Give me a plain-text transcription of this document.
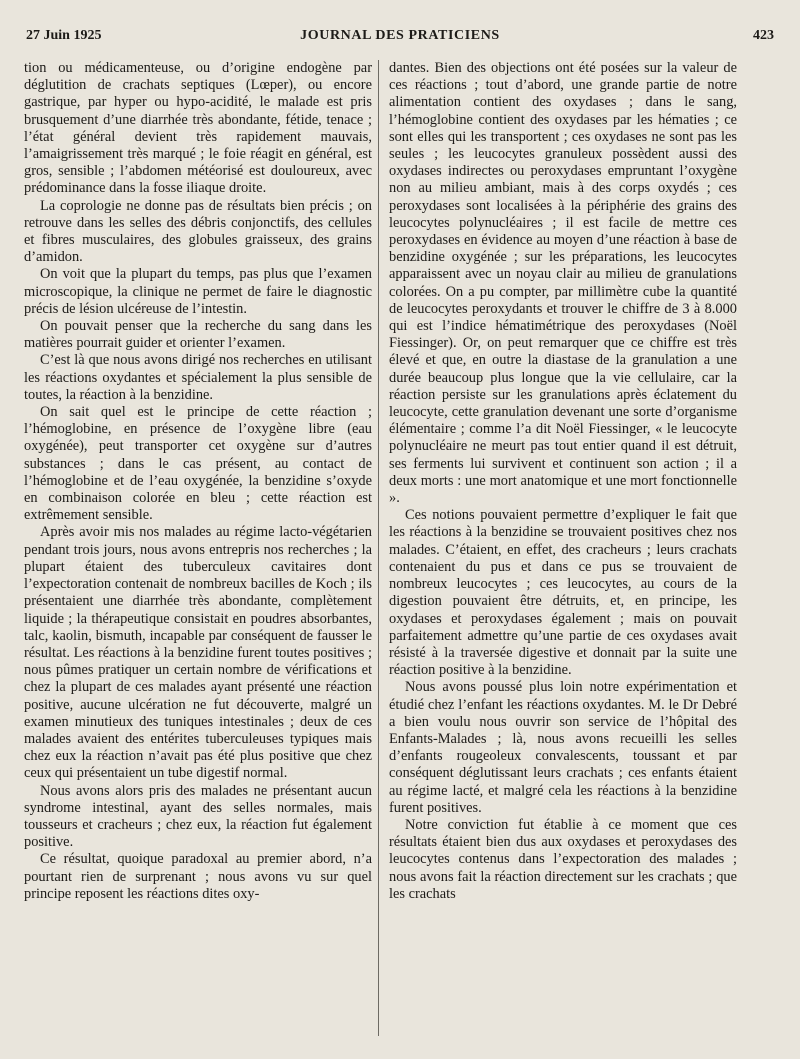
27 Juin 1925	JOURNAL DES PRATICIENS	423

tion ou médicamenteuse, ou d’origine endogène par déglutition de crachats septiques (Lœper), ou encore gastrique, par hyper ou hypo-acidité, le malade est pris brusquement d’une diarrhée très abondante, fétide, tenace ; l’état général devient très rapidement mauvais, l’amaigrissement très marqué ; le foie réagit en général, est gros, sensible ; l’abdomen météorisé est douloureux, avec prédominance dans la fosse iliaque droite.

La coprologie ne donne pas de résultats bien précis ; on retrouve dans les selles des débris conjonctifs, des cellules et fibres musculaires, des globules graisseux, des grains d’amidon.

On voit que la plupart du temps, pas plus que l’examen microscopique, la clinique ne permet de faire le diagnostic précis de lésion ulcéreuse de l’intestin.

On pouvait penser que la recherche du sang dans les matières pourrait guider et orienter l’examen.

C’est là que nous avons dirigé nos recherches en utilisant les réactions oxydantes et spécialement la plus sensible de toutes, la réaction à la benzidine.

On sait quel est le principe de cette réaction ; l’hémoglobine, en présence de l’oxygène libre (eau oxygénée), peut transporter cet oxygène sur d’autres substances ; dans le cas présent, au contact de l’hémoglobine et de l’eau oxygénée, la benzidine s’oxyde en combinaison colorée en bleu ; cette réaction est extrêmement sensible.

Après avoir mis nos malades au régime lacto-végétarien pendant trois jours, nous avons entrepris nos recherches ; la plupart étaient des tuberculeux cavitaires dont l’expectoration contenait de nombreux bacilles de Koch ; ils présentaient une diarrhée très abondante, complètement liquide ; la thérapeutique consistait en poudres absorbantes, talc, kaolin, bismuth, incapable par conséquent de fausser le résultat. Les réactions à la benzidine furent toutes positives ; nous pûmes pratiquer un certain nombre de vérifications et chez la plupart de ces malades ayant présenté une réaction positive, aucune ulcération ne fut découverte, malgré un examen minutieux des tuniques intestinales ; deux de ces malades avaient des entérites tuberculeuses typiques mais chez eux la réaction n’avait pas été plus positive que chez ceux qui présentaient un tube digestif normal.

Nous avons alors pris des malades ne présentant aucun syndrome intestinal, ayant des selles normales, mais tousseurs et cracheurs ; chez eux, la réaction fut également positive.

Ce résultat, quoique paradoxal au premier abord, n’a pourtant rien de surprenant ; nous avons vu sur quel principe reposent les réactions dites oxy-

dantes. Bien des objections ont été posées sur la valeur de ces réactions ; tout d’abord, une grande partie de notre alimentation contient des oxydases ; dans le sang, l’hémoglobine contient des oxydases par les hématies ; ce sont elles qui les transportent ; ces oxydases ne sont pas les seules ; les leucocytes granuleux possèdent aussi des oxydases indirectes ou peroxydases empruntant l’oxygène non au milieu ambiant, mais à des corps oxydés ; ces peroxydases sont localisées à la périphérie des grains des leucocytes polynucléaires ; il est facile de mettre ces peroxydases en évidence au moyen d’une réaction à base de benzidine oxygénée ; sur les préparations, les leucocytes apparaissent avec un noyau clair au milieu de granulations colorées. On a pu compter, par millimètre cube la quantité de leucocytes peroxydants et trouver le chiffre de 3 à 8.000 qui est l’indice hématimétrique des peroxydases (Noël Fiessinger). Or, on peut remarquer que ce chiffre est très élevé et que, en outre la diastase de la granulation a une durée beaucoup plus longue que la vie cellulaire, car la réaction persiste sur les granulations après éclatement du leucocyte, cette granulation devenant une sorte d’organisme élémentaire ; comme l’a dit Noël Fiessinger, « le leucocyte polynucléaire ne meurt pas tout entier quand il est détruit, ses ferments lui survivent et continuent son action ; il a deux morts : une mort anatomique et une mort fonctionnelle ».

Ces notions pouvaient permettre d’expliquer le fait que les réactions à la benzidine se trouvaient positives chez nos malades. C’étaient, en effet, des cracheurs ; leurs crachats contenaient du pus et dans ce pus se trouvaient de nombreux leucocytes ; ces leucocytes, au cours de la digestion pouvaient être détruits, et, en principe, les oxydases et peroxydases également ; mais on pouvait parfaitement admettre qu’une partie de ces oxydases avait résisté à la traversée digestive et donnait par la suite une réaction positive à la benzidine.

Nous avons poussé plus loin notre expérimentation et étudié chez l’enfant les réactions oxydantes. M. le Dr Debré a bien voulu nous ouvrir son service de l’hôpital des Enfants-Malades ; là, nous avons recueilli les selles d’enfants rougeoleux convalescents, toussant et par conséquent déglutissant leurs crachats ; ces enfants étaient au régime lacté, et malgré cela les réactions à la benzidine furent positives.

Notre conviction fut établie à ce moment que ces résultats étaient bien dus aux oxydases et peroxydases des leucocytes contenus dans l’expectoration des malades ; nous avons fait la réaction directement sur les crachats ; que les crachats
